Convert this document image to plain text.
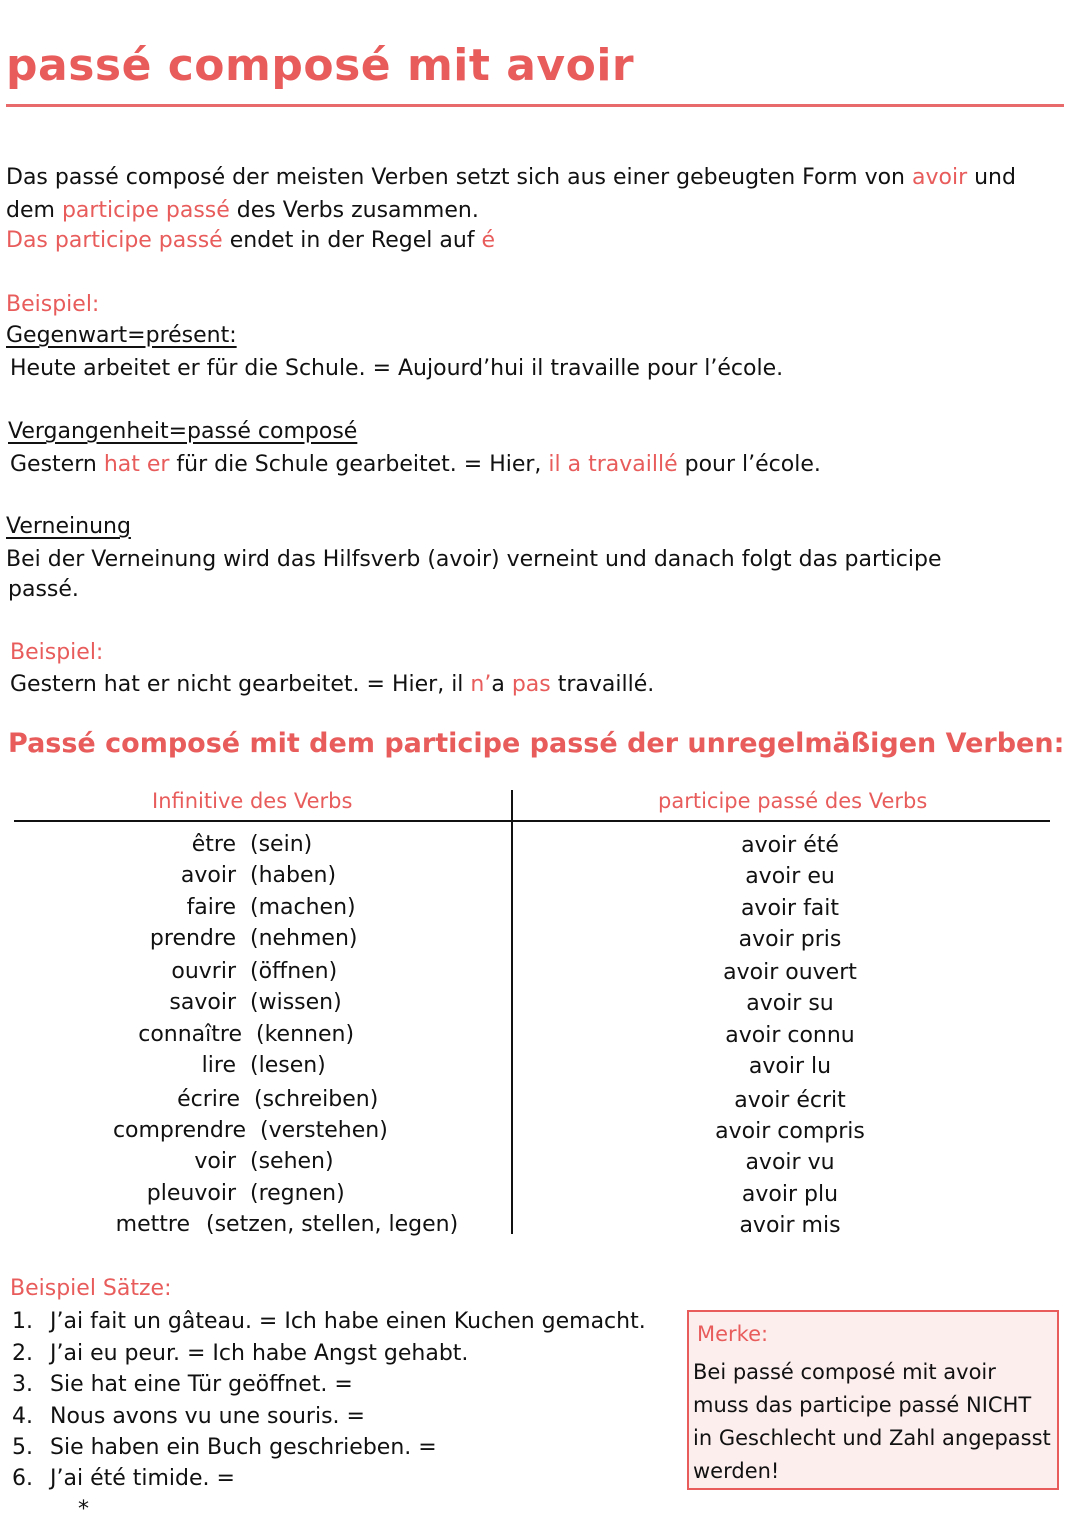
passé composé mit avoir
Das passé composé der meisten Verben setzt sich aus einer gebeugten Form von avoir und
dem participe passé des Verbs zusammen.
Das participe passé endet in der Regel auf é
Beispiel:
Gegenwart=présent:
Heute arbeitet er für die Schule. = Aujourd’hui il travaille pour l’école.
Vergangenheit=passé composé
Gestern hat er für die Schule gearbeitet. = Hier, il a travaillé pour l’école.
Verneinung
Bei der Verneinung wird das Hilfsverb (avoir) verneint und danach folgt das participe
passé.
Beispiel:
Gestern hat er nicht gearbeitet. = Hier, il n’a pas travaillé.
Passé composé mit dem participe passé der unregelmäßigen Verben:
Infinitive des Verbs	participe passé des Verbs
être (sein)	avoir été
avoir (haben)	avoir eu
faire (machen)	avoir fait
prendre (nehmen)	avoir pris
ouvrir (öffnen)	avoir ouvert
savoir (wissen)	avoir su
connaître (kennen)	avoir connu
lire (lesen)	avoir lu
écrire (schreiben)	avoir écrit
comprendre (verstehen)	avoir compris
voir (sehen)	avoir vu
pleuvoir (regnen)	avoir plu
mettre (setzen, stellen, legen)	avoir mis
Beispiel Sätze:
1. J’ai fait un gâteau. = Ich habe einen Kuchen gemacht.
2. J’ai eu peur. = Ich habe Angst gehabt.
3. Sie hat eine Tür geöffnet. =
4. Nous avons vu une souris. =
5. Sie haben ein Buch geschrieben. =
6. J’ai été timide. =
*
Merke:
Bei passé composé mit avoir muss das participe passé NICHT in Geschlecht und Zahl angepasst werden!
